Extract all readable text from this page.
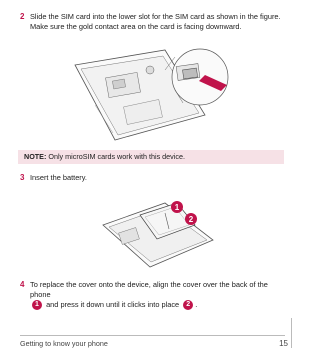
2 Slide the SIM card into the lower slot for the SIM card as shown in the figure. Make sure the gold contact area on the card is facing downward.
NOTE: Only microSIM cards work with this device.
3 Insert the battery.
1
2
4 To replace the cover onto the device, align the cover over the back of the phone
1 and press it down until it clicks into place 2 .
Getting to know your phone	15
